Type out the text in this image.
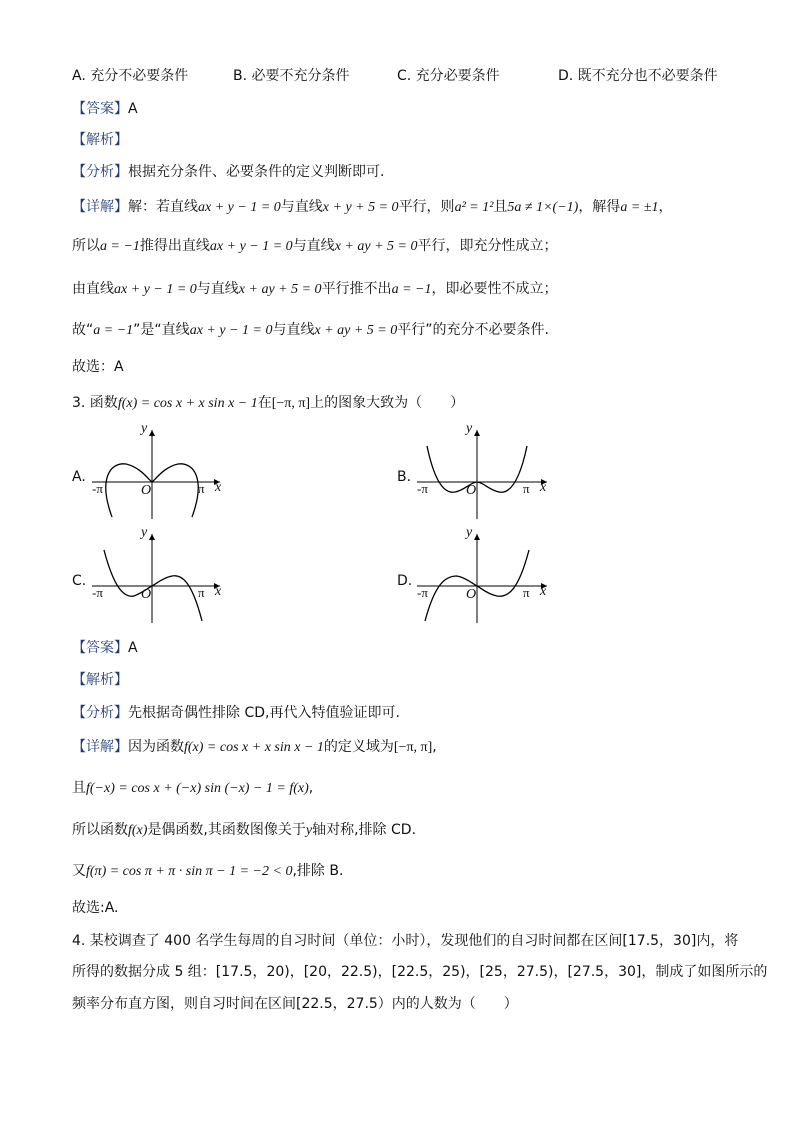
A. 充分不必要条件	B. 必要不充分条件	C. 充分必要条件	D. 既不充分也不必要条件
【答案】A
【解析】
【分析】根据充分条件、必要条件的定义判断即可.
【详解】解：若直线ax + y − 1 = 0与直线x + y + 5 = 0平行，则a² = 1²且5a ≠ 1×(−1)，解得a = ±1，
所以a = −1推得出直线ax + y − 1 = 0与直线x + ay + 5 = 0平行，即充分性成立；
由直线ax + y − 1 = 0与直线x + ay + 5 = 0平行推不出a = −1，即必要性不成立；
故“a = −1”是“直线ax + y − 1 = 0与直线x + ay + 5 = 0平行”的充分不必要条件.
故选：A
3. 函数f(x) = cos x + x sin x − 1在[−π, π]上的图象大致为（　　）
A.
y
O
-π	π x
B.
y
O
-π	π x
C.
y
O
-π	π x
D.
y
O
-π	π x
【答案】A
【解析】
【分析】先根据奇偶性排除 CD,再代入特值验证即可.
【详解】因为函数f(x) = cos x + x sin x − 1的定义域为[−π, π],
且f(−x) = cos x + (−x) sin (−x) − 1 = f(x),
所以函数f(x)是偶函数,其函数图像关于y轴对称,排除 CD.
又f(π) = cos π + π · sin π − 1 = −2 < 0,排除 B.
故选:A.
4. 某校调查了 400 名学生每周的自习时间（单位：小时），发现他们的自习时间都在区间[17.5，30]内，将
所得的数据分成 5 组：[17.5，20)，[20，22.5)，[22.5，25)，[25，27.5)，[27.5，30]，制成了如图所示的
频率分布直方图，则自习时间在区间[22.5，27.5）内的人数为（　　）
